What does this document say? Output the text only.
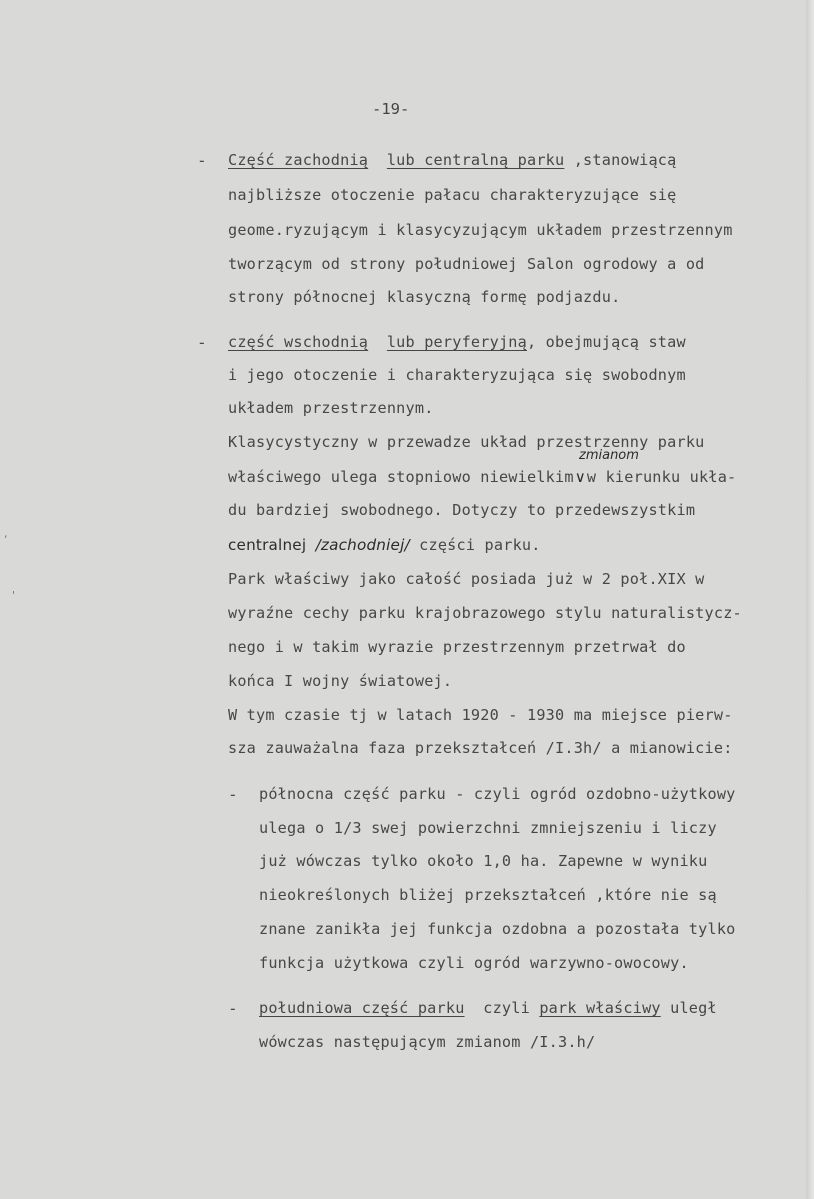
,
'
-19-
- Część zachodnią lub centralną parku ,stanowiącą
najbliższe otoczenie pałacu charakteryzujące się
geome.ryzującym i klasycyzującym układem przestrzennym
tworzącym od strony południowej Salon ogrodowy a od
strony północnej klasyczną formę podjazdu.
- część wschodnią lub peryferyjną, obejmującą staw
i jego otoczenie i charakteryzująca się swobodnym
układem przestrzennym.
Klasycystyczny w przewadze układ przestrzenny parku
zmianom
właściwego ulega stopniowo niewielkim∨w kierunku ukła-
du bardziej swobodnego. Dotyczy to przedewszystkim
centralnej /zachodniej/ części parku.
Park właściwy jako całość posiada już w 2 poł.XIX w
wyraźne cechy parku krajobrazowego stylu naturalistycz-
nego i w takim wyrazie przestrzennym przetrwał do
końca I wojny światowej.
W tym czasie tj w latach 1920 - 1930 ma miejsce pierw-
sza zauważalna faza przekształceń /I.3h/ a mianowicie:
- północna część parku - czyli ogród ozdobno-użytkowy
ulega o 1/3 swej powierzchni zmniejszeniu i liczy
już wówczas tylko około 1,0 ha. Zapewne w wyniku
nieokreślonych bliżej przekształceń ,które nie są
znane zanikła jej funkcja ozdobna a pozostała tylko
funkcja użytkowa czyli ogród warzywno-owocowy.
- południowa część parku  czyli park właściwy uległ
wówczas następującym zmianom /I.3.h/
